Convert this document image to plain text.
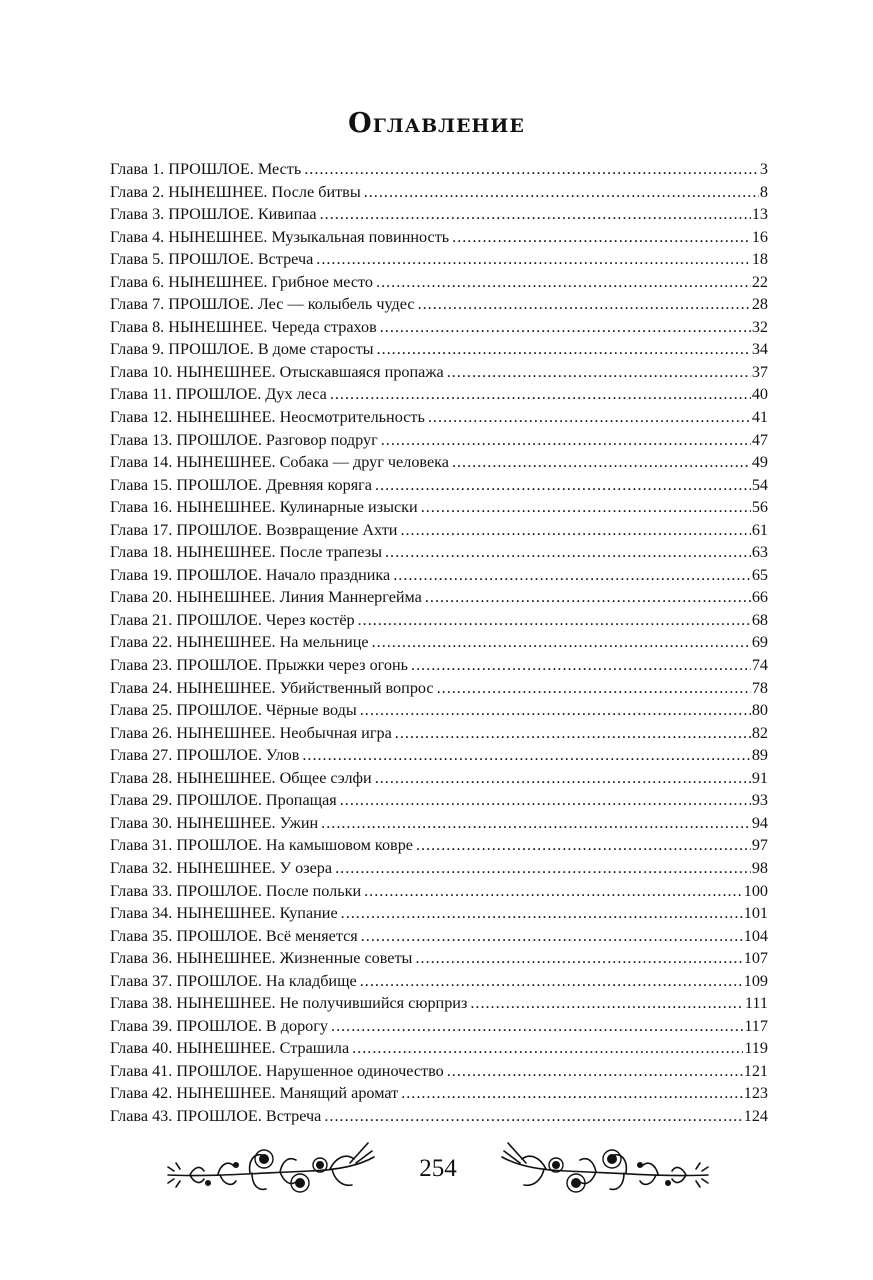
Оглавление
Глава 1. ПРОШЛОЕ. Месть .....	3
Глава 2. НЫНЕШНЕЕ. После битвы .....	8
Глава 3. ПРОШЛОЕ. Кивипаа .....	13
Глава 4. НЫНЕШНЕЕ. Музыкальная повинность .....	16
Глава 5. ПРОШЛОЕ. Встреча .....	18
Глава 6. НЫНЕШНЕЕ. Грибное место .....	22
Глава 7. ПРОШЛОЕ. Лес — колыбель чудес .....	28
Глава 8. НЫНЕШНЕЕ. Череда страхов .....	32
Глава 9. ПРОШЛОЕ. В доме старосты .....	34
Глава 10. НЫНЕШНЕЕ. Отыскавшаяся пропажа .....	37
Глава 11. ПРОШЛОЕ. Дух леса .....	40
Глава 12. НЫНЕШНЕЕ. Неосмотрительность .....	41
Глава 13. ПРОШЛОЕ. Разговор подруг .....	47
Глава 14. НЫНЕШНЕЕ. Собака — друг человека .....	49
Глава 15. ПРОШЛОЕ. Древняя коряга .....	54
Глава 16. НЫНЕШНЕЕ. Кулинарные изыски .....	56
Глава 17. ПРОШЛОЕ. Возвращение Ахти .....	61
Глава 18. НЫНЕШНЕЕ. После трапезы .....	63
Глава 19. ПРОШЛОЕ. Начало праздника .....	65
Глава 20. НЫНЕШНЕЕ. Линия Маннергейма .....	66
Глава 21. ПРОШЛОЕ. Через костёр .....	68
Глава 22. НЫНЕШНЕЕ. На мельнице .....	69
Глава 23. ПРОШЛОЕ. Прыжки через огонь .....	74
Глава 24. НЫНЕШНЕЕ. Убийственный вопрос .....	78
Глава 25. ПРОШЛОЕ. Чёрные воды .....	80
Глава 26. НЫНЕШНЕЕ. Необычная игра .....	82
Глава 27. ПРОШЛОЕ. Улов .....	89
Глава 28. НЫНЕШНЕЕ. Общее сэлфи .....	91
Глава 29. ПРОШЛОЕ. Пропащая .....	93
Глава 30. НЫНЕШНЕЕ. Ужин .....	94
Глава 31. ПРОШЛОЕ. На камышовом ковре .....	97
Глава 32. НЫНЕШНЕЕ. У озера .....	98
Глава 33. ПРОШЛОЕ. После польки .....	100
Глава 34. НЫНЕШНЕЕ. Купание .....	101
Глава 35. ПРОШЛОЕ. Всё меняется .....	104
Глава 36. НЫНЕШНЕЕ. Жизненные советы .....	107
Глава 37. ПРОШЛОЕ. На кладбище .....	109
Глава 38. НЫНЕШНЕЕ. Не получившийся сюрприз .....	111
Глава 39. ПРОШЛОЕ. В дорогу .....	117
Глава 40. НЫНЕШНЕЕ. Страшила .....	119
Глава 41. ПРОШЛОЕ. Нарушенное одиночество .....	121
Глава 42. НЫНЕШНЕЕ. Манящий аромат .....	123
Глава 43. ПРОШЛОЕ. Встреча .....	124
254
